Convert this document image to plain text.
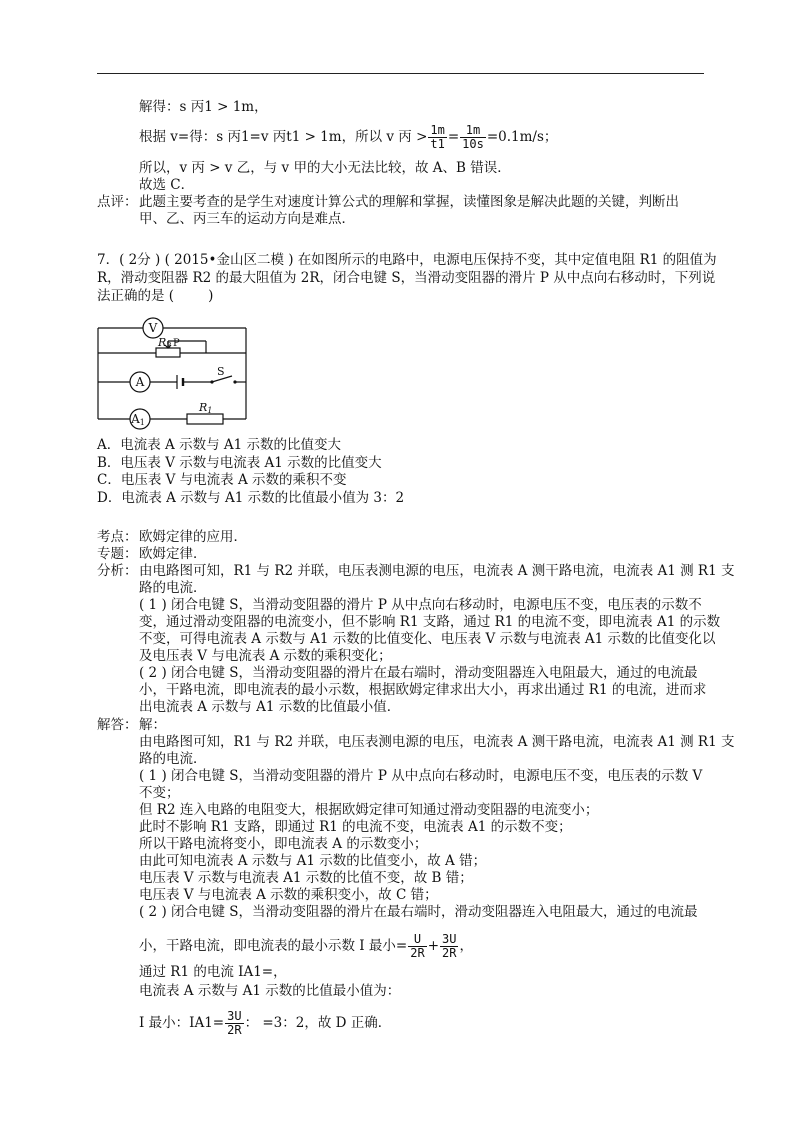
解得：s 丙1 > 1m，
根据 v=得：s 丙1=v 丙t1 > 1m，所以 v 丙 > $\frac{1m}{t1} = \frac{1m}{10s} =0.1m/s$；
所以，v 丙 > v 乙，与 v 甲的大小无法比较，故 A、B 错误．
故选 C．
点评： 此题主要考查的是学生对速度计算公式的理解和掌握，读懂图象是解决此题的关键，判断出
甲、乙、丙三车的运动方向是难点．
7．( 2分 ) ( 2015•金山区二模 ) 在如图所示的电路中，电源电压保持不变，其中定值电阻 R1 的阻值为
R，滑动变阻器 R2 的最大阻值为 2R，闭合电键 S，当滑动变阻器的滑片 P 从中点向右移动时，下列说
法正确的是 (	)
V
R2 P
A
S
A1
R1
A．电流表 A 示数与 A1 示数的比值变大
B．电压表 V 示数与电流表 A1 示数的比值变大
C．电压表 V 与电流表 A 示数的乘积不变
D．电流表 A 示数与 A1 示数的比值最小值为 3：2
考点： 欧姆定律的应用．
专题： 欧姆定律．
分析： 由电路图可知，R1 与 R2 并联，电压表测电源的电压，电流表 A 测干路电流，电流表 A1 测 R1 支
路的电流．
( 1 ) 闭合电键 S，当滑动变阻器的滑片 P 从中点向右移动时，电源电压不变，电压表的示数不
变，通过滑动变阻器的电流变小，但不影响 R1 支路，通过 R1 的电流不变，即电流表 A1 的示数
不变，可得电流表 A 示数与 A1 示数的比值变化、电压表 V 示数与电流表 A1 示数的比值变化以
及电压表 V 与电流表 A 示数的乘积变化；
( 2 ) 闭合电键 S，当滑动变阻器的滑片在最右端时，滑动变阻器连入电阻最大，通过的电流最
小，干路电流，即电流表的最小示数，根据欧姆定律求出大小，再求出通过 R1 的电流，进而求
出电流表 A 示数与 A1 示数的比值最小值．
解答： 解：
由电路图可知，R1 与 R2 并联，电压表测电源的电压，电流表 A 测干路电流，电流表 A1 测 R1 支
路的电流．
( 1 ) 闭合电键 S，当滑动变阻器的滑片 P 从中点向右移动时，电源电压不变，电压表的示数 V
不变；
但 R2 连入电路的电阻变大，根据欧姆定律可知通过滑动变阻器的电流变小；
此时不影响 R1 支路，即通过 R1 的电流不变，电流表 A1 的示数不变；
所以干路电流将变小，即电流表 A 的示数变小；
由此可知电流表 A 示数与 A1 示数的比值变小，故 A 错；
电压表 V 示数与电流表 A1 示数的比值不变，故 B 错；
电压表 V 与电流表 A 示数的乘积变小，故 C 错；
( 2 ) 闭合电键 S，当滑动变阻器的滑片在最右端时，滑动变阻器连入电阻最大，通过的电流最
小，干路电流，即电流表的最小示数 I 最小= $\frac{U}{2R} + \frac{3U}{2R}$ ，
通过 R1 的电流 IA1=，
电流表 A 示数与 A1 示数的比值最小值为：
I 最小：$IA1= \frac{3U}{2R}$ ： =3：2，故 D 正确．
